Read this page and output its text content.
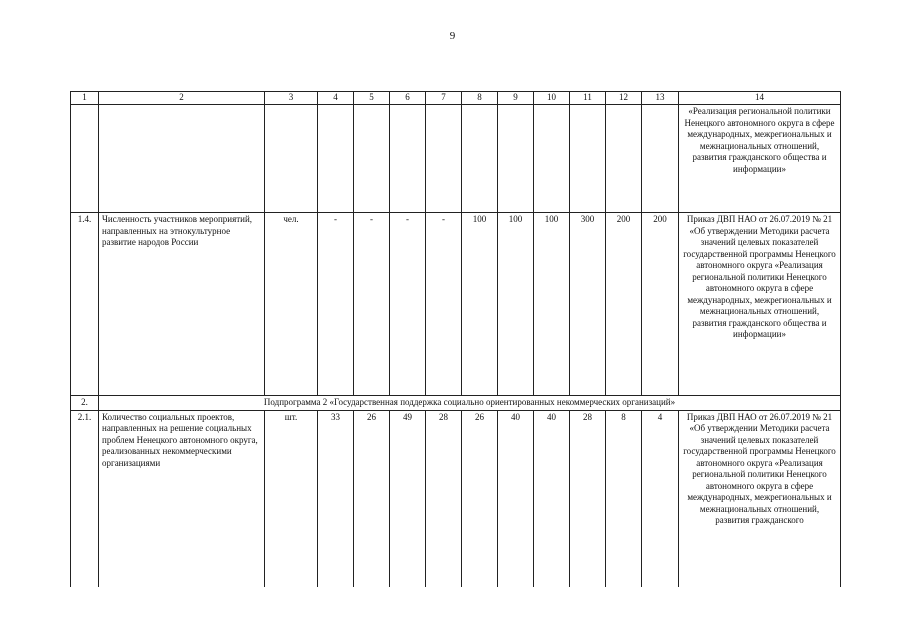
9
1	2	3	4	5	6	7	8	9	10	11	12	13	14
													«Реализация региональной политики Ненецкого автономного округа в сфере международных, межрегиональных и межнациональных отношений, развития гражданского общества и информации»
1.4.	Численность участников мероприятий, направленных на этнокультурное развитие народов России	чел.	-	-	-	-	100	100	100	300	200	200	Приказ ДВП НАО от 26.07.2019 № 21 «Об утверждении Методики расчета значений целевых показателей государственной программы Ненецкого автономного округа «Реализация региональной политики Ненецкого автономного округа в сфере международных, межрегиональных и межнациональных отношений, развития гражданского общества и информации»
2.	Подпрограмма 2 «Государственная поддержка социально ориентированных некоммерческих организаций»												
2.1.	Количество социальных проектов, направленных на решение социальных проблем Ненецкого автономного округа, реализованных некоммерческими организациями	шт.	33	26	49	28	26	40	40	28	8	4	Приказ ДВП НАО от 26.07.2019 № 21 «Об утверждении Методики расчета значений целевых показателей государственной программы Ненецкого автономного округа «Реализация региональной политики Ненецкого автономного округа в сфере международных, межрегиональных и межнациональных отношений, развития гражданского
